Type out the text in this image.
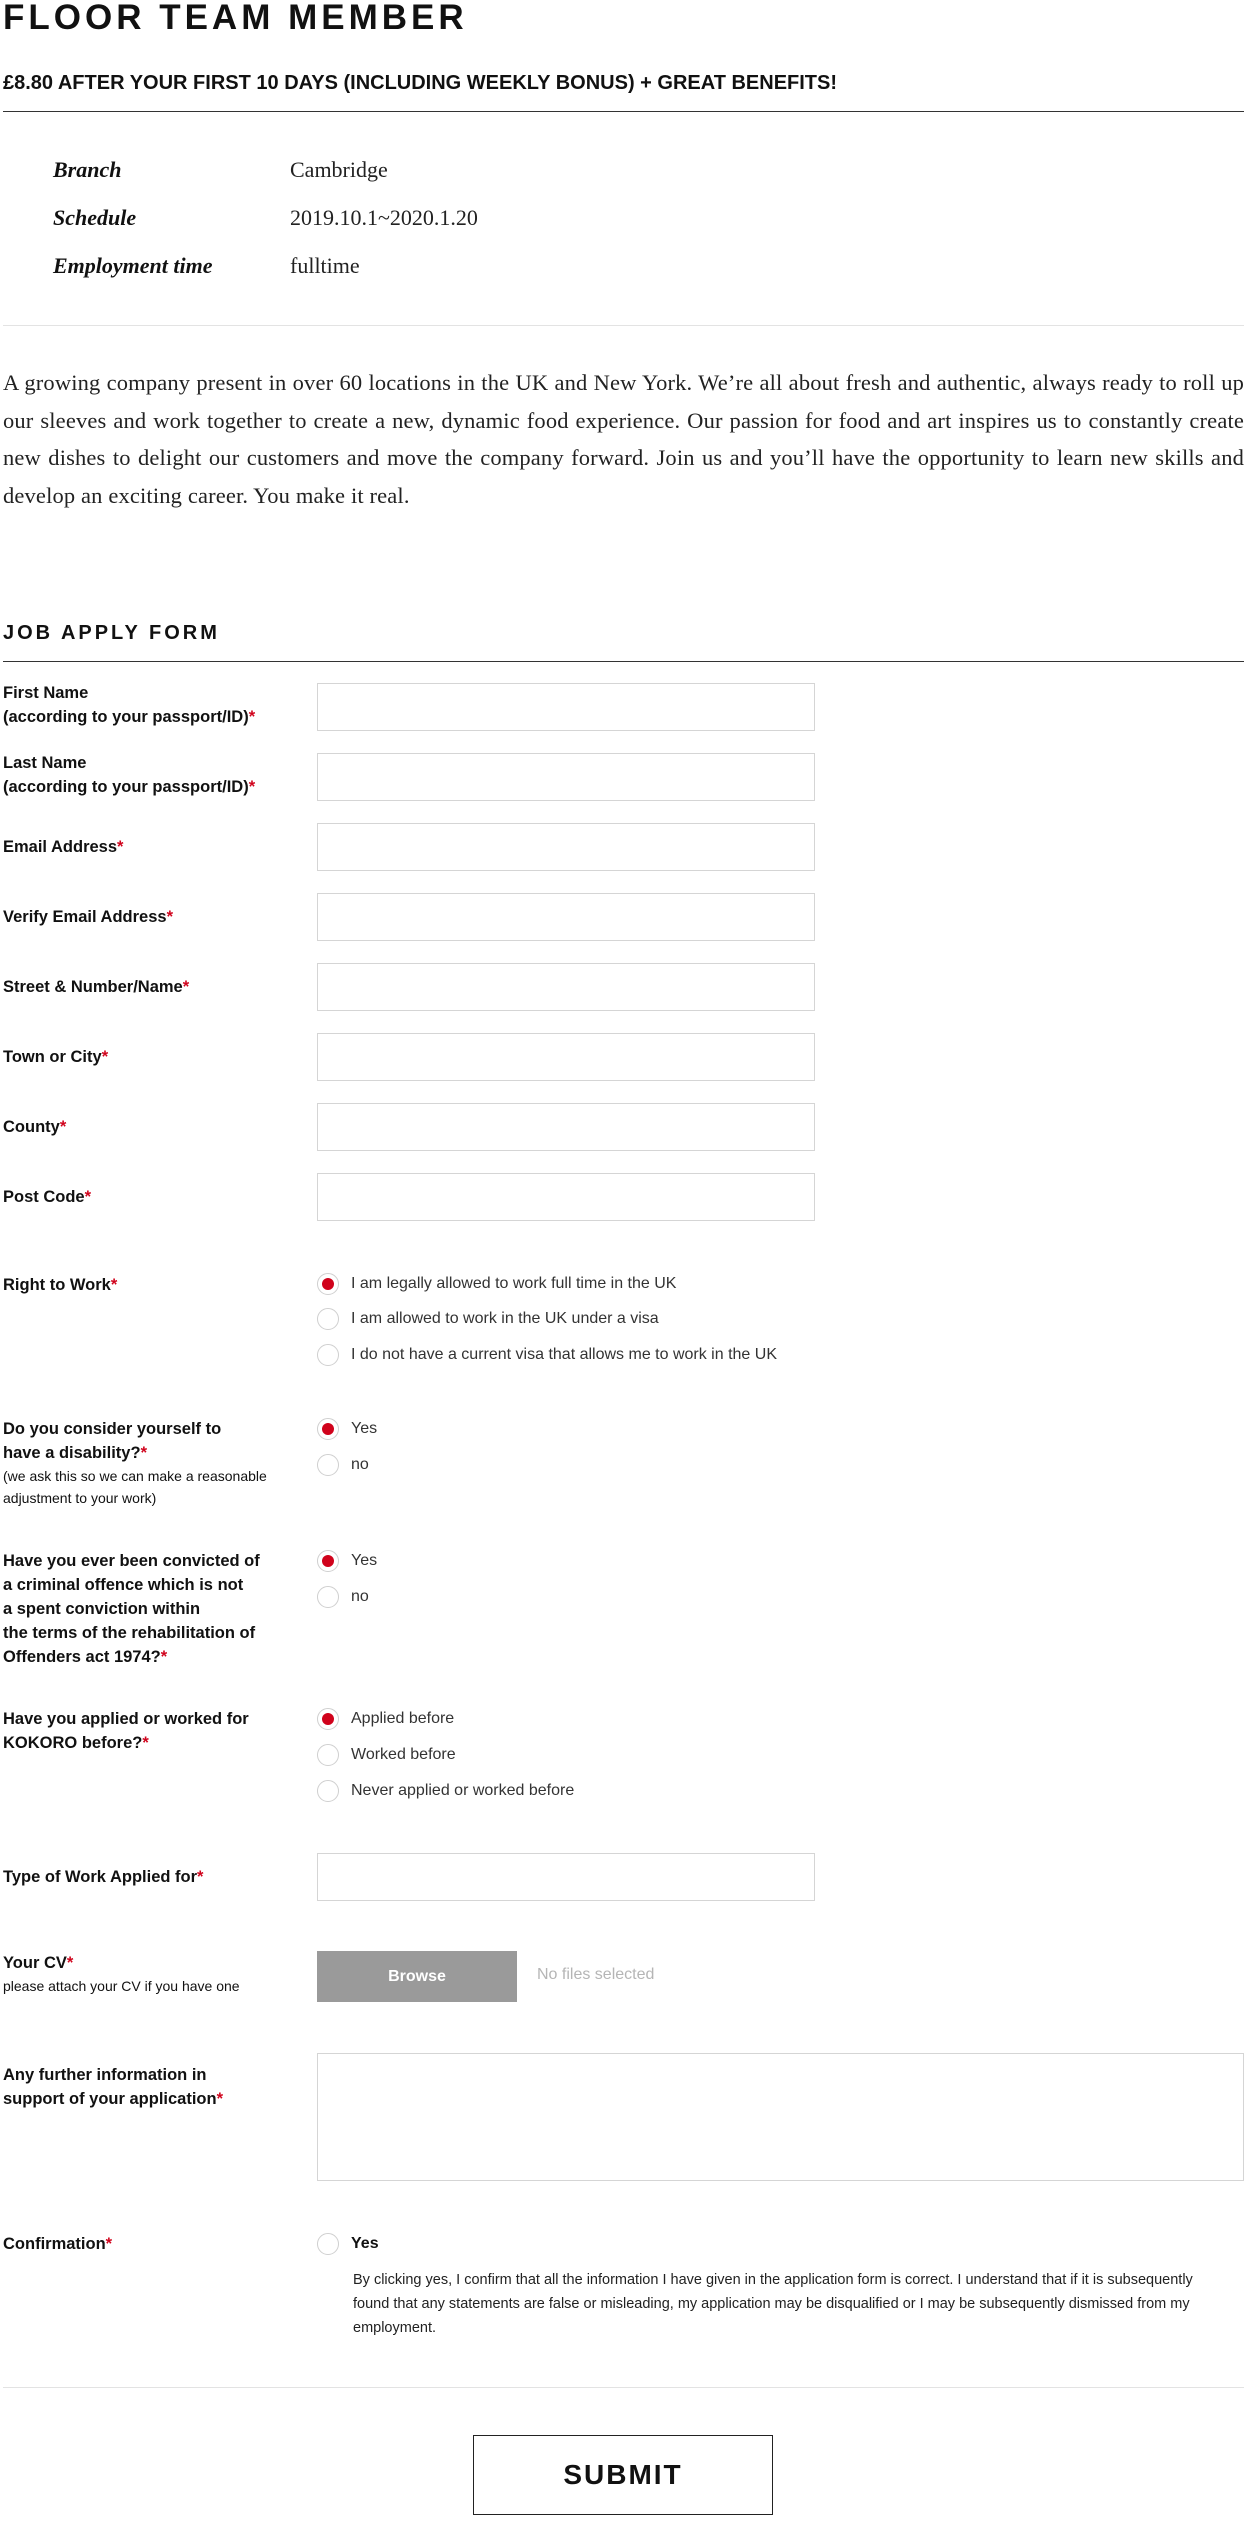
FLOOR TEAM MEMBER
£8.80 AFTER YOUR FIRST 10 DAYS (INCLUDING WEEKLY BONUS) + GREAT BENEFITS!
Branch	Cambridge
Schedule	2019.10.1~2020.1.20
Employment time	fulltime

A growing company present in over 60 locations in the UK and New York. We’re all about fresh and authentic, always ready to roll up our sleeves and work together to create a new, dynamic food experience. Our passion for food and art inspires us to constantly create new dishes to delight our customers and move the company forward. Join us and you’ll have the opportunity to learn new skills and develop an exciting career. You make it real.

JOB APPLY FORM
First Name
(according to your passport/ID) *
Last Name
(according to your passport/ID) *
Email Address *
Verify Email Address *
Street & Number/Name *
Town or City *
County *
Post Code *
Right to Work *	I am legally allowed to work full time in the UK
I am allowed to work in the UK under a visa
I do not have a current visa that allows me to work in the UK
Do you consider yourself to
have a disability? *
(we ask this so we can make a reasonable
adjustment to your work)
Yes
no
Have you ever been convicted of
a criminal offence which is not
a spent conviction within
the terms of the rehabilitation of
Offenders act 1974? *
Yes
no
Have you applied or worked for
KOKORO before? *
Applied before
Worked before
Never applied or worked before
Type of Work Applied for *
Your CV *
please attach your CV if you have one
Browse	No files selected
Any further information in
support of your application *
Confirmation *	Yes

By clicking yes, I confirm that all the information I have given in the application form is correct. I understand that if it is subsequently found that any statements are false or misleading, my application may be disqualified or I may be subsequently dismissed from my employment.

SUBMIT
